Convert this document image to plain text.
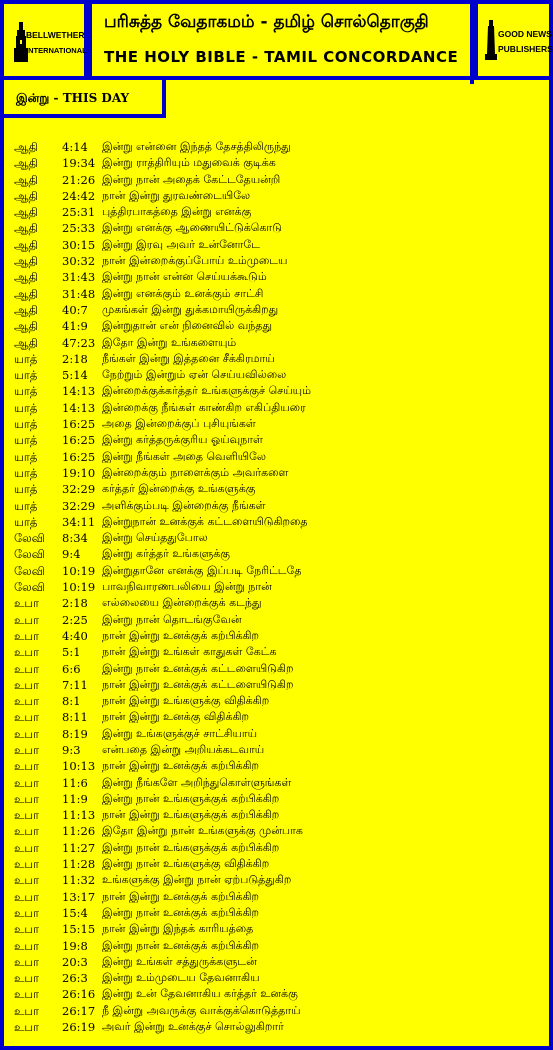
BELLWETHER
INTERNATIONAL
பரிசுத்த வேதாகமம் - தமிழ் சொல்தொகுதி
THE HOLY BIBLE - TAMIL CONCORDANCE
GOOD NEWS
PUBLISHERS
இன்று - THIS DAY
ஆதி 4:14 இன்று என்னை இந்தத் தேசத்திலிருந்து
ஆதி 19:34 இன்று ராத்திரியும் மதுவைக் குடிக்க
ஆதி 21:26 இன்று நான் அதைக் கேட்டதேயன்றி
ஆதி 24:42 நான் இன்று துரவண்டையிலே
ஆதி 25:31 புத்திரபாகத்தை இன்று எனக்கு
ஆதி 25:33 இன்று எனக்கு ஆணையிட்டுக்கொடு
ஆதி 30:15 இன்று இரவு அவர் உன்னோடே
ஆதி 30:32 நான் இன்றைக்குப்போய் உம்முடைய
ஆதி 31:43 இன்று நான் என்ன செய்யக்கூடும்
ஆதி 31:48 இன்று எனக்கும் உனக்கும் சாட்சி
ஆதி 40:7 முகங்கள் இன்று துக்கமாயிருக்கிறது
ஆதி 41:9 இன்றுதான் என் நினைவில் வந்தது
ஆதி 47:23 இதோ இன்று உங்களையும்
யாத் 2:18 நீங்கள் இன்று இத்தனை சீக்கிரமாய்
யாத் 5:14 நேற்றும் இன்றும் ஏன் செய்யவில்லை
யாத் 14:13 இன்றைக்குக்கர்த்தர் உங்களுக்குச் செய்யும்
யாத் 14:13 இன்றைக்கு நீங்கள் காண்கிற எகிப்தியரை
யாத் 16:25 அதை இன்றைக்குப் புசியுங்கள்
யாத் 16:25 இன்று கர்த்தருக்குரிய ஓய்வுநாள்
யாத் 16:25 இன்று நீங்கள் அதை வெளியிலே
யாத் 19:10 இன்றைக்கும் நாளைக்கும் அவர்களை
யாத் 32:29 கர்த்தர் இன்றைக்கு உங்களுக்கு
யாத் 32:29 அளிக்கும்படி இன்றைக்கு நீங்கள்
யாத் 34:11 இன்றுநான் உனக்குக் கட்டளையிடுகிறதை
லேவி 8:34 இன்று செய்ததுபோல
லேவி 9:4 இன்று கர்த்தர் உங்களுக்கு
லேவி 10:19 இன்றுதானே எனக்கு இப்படி நேரிட்டதே
லேவி 10:19 பாவநிவாரணபலியை இன்று நான்
உபா 2:18 எல்லையை இன்றைக்குக் கடந்து
உபா 2:25 இன்று நான் தொடங்குவேன்
உபா 4:40 நான் இன்று உனக்குக் கற்பிக்கிற
உபா 5:1 நான் இன்று உங்கள் காதுகள் கேட்க
உபா 6:6 இன்று நான் உனக்குக் கட்டளையிடுகிற
உபா 7:11 நான் இன்று உனக்குக் கட்டளையிடுகிற
உபா 8:1 நான் இன்று உங்களுக்கு விதிக்கிற
உபா 8:11 நான் இன்று உனக்கு விதிக்கிற
உபா 8:19 இன்று உங்களுக்குச் சாட்சியாய்
உபா 9:3 என்பதை இன்று அறியக்கடவாய்
உபா 10:13 நான் இன்று உனக்குக் கற்பிக்கிற
உபா 11:6 இன்று நீங்களே அறிந்துகொள்ளுங்கள்
உபா 11:9 இன்று நான் உங்களுக்குக் கற்பிக்கிற
உபா 11:13 நான் இன்று உங்களுக்குக் கற்பிக்கிற
உபா 11:26 இதோ இன்று நான் உங்களுக்கு முன்பாக
உபா 11:27 இன்று நான் உங்களுக்குக் கற்பிக்கிற
உபா 11:28 இன்று நான் உங்களுக்கு விதிக்கிற
உபா 11:32 உங்களுக்கு இன்று நான் ஏற்படுத்துகிற
உபா 13:17 நான் இன்று உனக்குக் கற்பிக்கிற
உபா 15:4 இன்று நான் உனக்குக் கற்பிக்கிற
உபா 15:15 நான் இன்று இந்தக் காரியத்தை
உபா 19:8 இன்று நான் உனக்குக் கற்பிக்கிற
உபா 20:3 இன்று உங்கள் சத்துருக்களுடன்
உபா 26:3 இன்று உம்முடைய தேவனாகிய
உபா 26:16 இன்று உன் தேவனாகிய கர்த்தர் உனக்கு
உபா 26:17 நீ இன்று அவருக்கு வாக்குக்கொடுத்தாய்
உபா 26:19 அவர் இன்று உனக்குச் சொல்லுகிறார்
